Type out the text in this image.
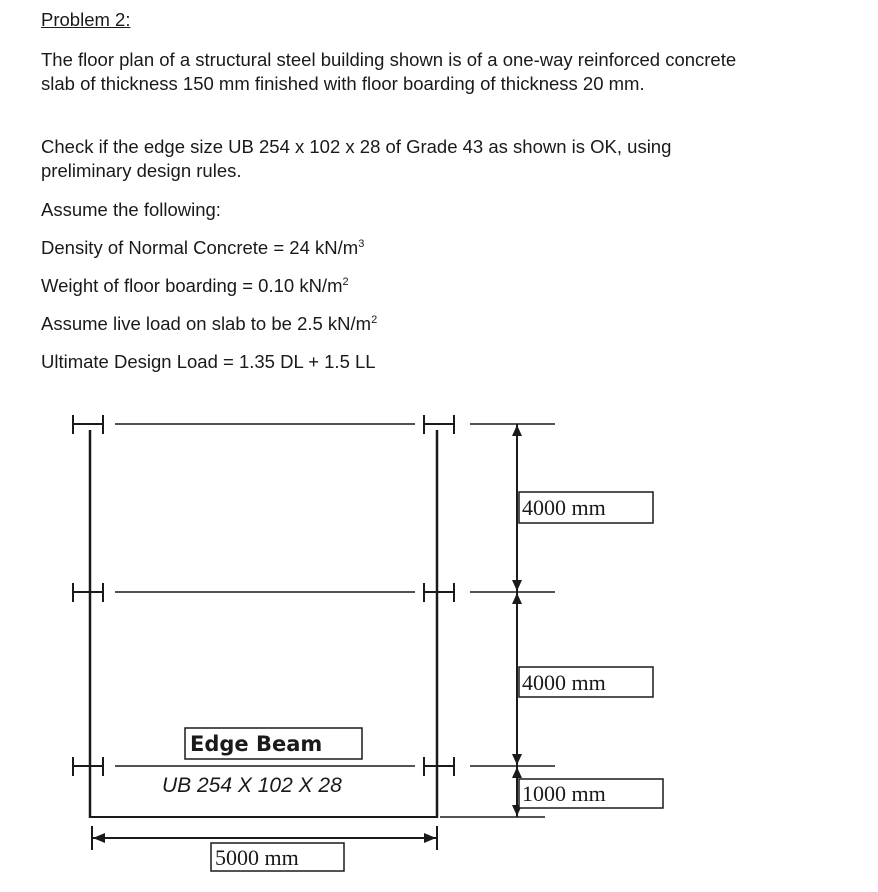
Problem 2:

The floor plan of a structural steel building shown is of a one-way reinforced concrete

slab of thickness 150 mm finished with floor boarding of thickness 20 mm.

Check if the edge size UB 254 x 102 x 28 of Grade 43 as shown is OK, using

preliminary design rules.

Assume the following:

Density of Normal Concrete = 24 $kN/m^3$

Weight of floor boarding = 0.10 $kN/m^2$

Assume live load on slab to be 2.5 $kN/m^2$

Ultimate Design Load = 1.35 DL + 1.5 LL

4000 mm
4000 mm
1000 mm
5000 mm
Edge Beam
UB 254 X 102 X 28
